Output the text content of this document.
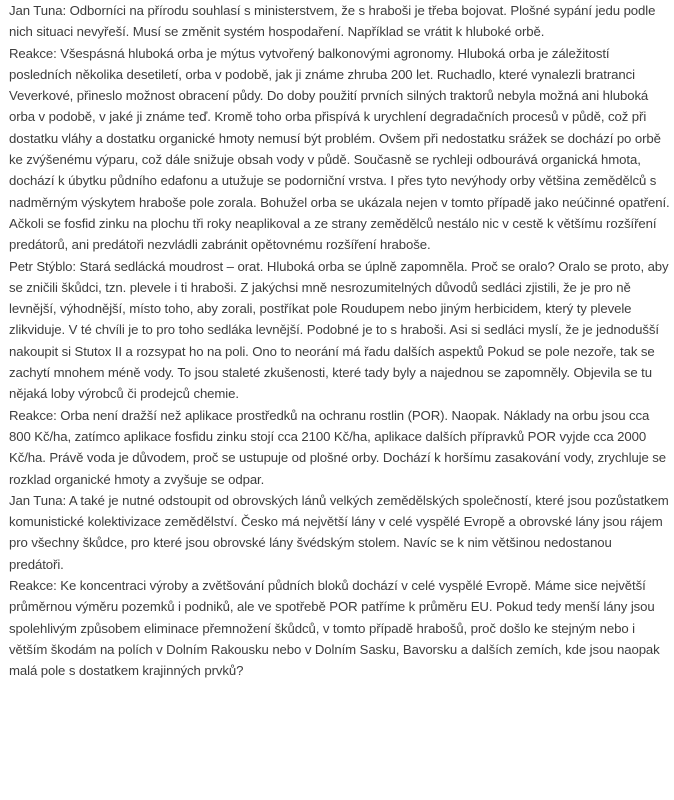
Jan Tuna: Odborníci na přírodu souhlasí s ministerstvem, že s hraboši je třeba bojovat. Plošné sypání jedu podle nich situaci nevyřeší. Musí se změnit systém hospodaření. Například se vrátit k hluboké orbě.

Reakce: Všespásná hluboká orba je mýtus vytvořený balkonovými agronomy. Hluboká orba je záležitostí posledních několika desetiletí, orba v podobě, jak ji známe zhruba 200 let. Ruchadlo, které vynalezli bratranci Veverkové, přineslo možnost obracení půdy. Do doby použití prvních silných traktorů nebyla možná ani hluboká orba v podobě, v jaké ji známe teď. Kromě toho orba přispívá k urychlení degradačních procesů v půdě, což při dostatku vláhy a dostatku organické hmoty nemusí být problém. Ovšem při nedostatku srážek se dochází po orbě ke zvýšenému výparu, což dále snižuje obsah vody v půdě. Současně se rychleji odbourává organická hmota, dochází k úbytku půdního edafonu a utužuje se podorniční vrstva. I přes tyto nevýhody orby většina zemědělců s nadměrným výskytem hraboše pole zorala. Bohužel orba se ukázala nejen v tomto případě jako neúčinné opatření. Ačkoli se fosfid zinku na plochu tři roky neaplikoval a ze strany zemědělců nestálo nic v cestě k většímu rozšíření predátorů, ani predátoři nezvládli zabránit opětovnému rozšíření hraboše.

Petr Stýblo: Stará sedlácká moudrost – orat. Hluboká orba se úplně zapomněla. Proč se oralo? Oralo se proto, aby se zničili škůdci, tzn. plevele i ti hraboši. Z jakýchsi mně nesrozumitelných důvodů sedláci zjistili, že je pro ně levnější, výhodnější, místo toho, aby zorali, postříkat pole Roudupem nebo jiným herbicidem, který ty plevele zlikviduje. V té chvíli je to pro toho sedláka levnější. Podobné je to s hraboši. Asi si sedláci myslí, že je jednodušší nakoupit si Stutox II a rozsypat ho na poli. Ono to neorání má řadu dalších aspektů Pokud se pole nezoře, tak se zachytí mnohem méně vody. To jsou staleté zkušenosti, které tady byly a najednou se zapomněly. Objevila se tu nějaká loby výrobců či prodejců chemie.

Reakce: Orba není dražší než aplikace prostředků na ochranu rostlin (POR). Naopak. Náklady na orbu jsou cca 800 Kč/ha, zatímco aplikace fosfidu zinku stojí cca 2100 Kč/ha, aplikace dalších přípravků POR vyjde cca 2000 Kč/ha. Právě voda je důvodem, proč se ustupuje od plošné orby. Dochází k horšímu zasakování vody, zrychluje se rozklad organické hmoty a zvyšuje se odpar.

Jan Tuna: A také je nutné odstoupit od obrovských lánů velkých zemědělských společností, které jsou pozůstatkem komunistické kolektivizace zemědělství. Česko má největší lány v celé vyspělé Evropě a obrovské lány jsou rájem pro všechny škůdce, pro které jsou obrovské lány švédským stolem. Navíc se k nim většinou nedostanou predátoři.

Reakce: Ke koncentraci výroby a zvětšování půdních bloků dochází v celé vyspělé Evropě. Máme sice největší průměrnou výměru pozemků i podniků, ale ve spotřebě POR patříme k průměru EU. Pokud tedy menší lány jsou spolehlivým způsobem eliminace přemnožení škůdců, v tomto případě hrabošů, proč došlo ke stejným nebo i větším škodám na polích v Dolním Rakousku nebo v Dolním Sasku, Bavorsku a dalších zemích, kde jsou naopak malá pole s dostatkem krajinných prvků?
